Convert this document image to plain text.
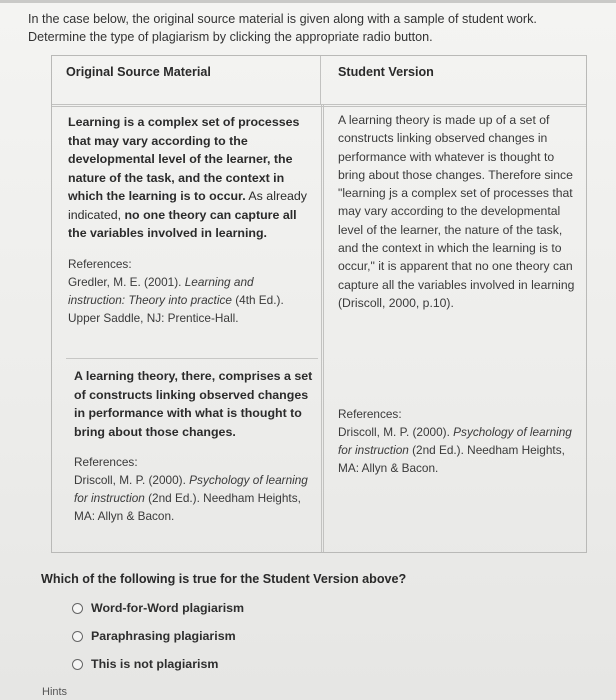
In the case below, the original source material is given along with a sample of student work.
Determine the type of plagiarism by clicking the appropriate radio button.
Original Source Material	Student Version
Learning is a complex set of processes that may vary according to the developmental level of the learner, the nature of the task, and the context in which the learning is to occur. As already indicated, no one theory can capture all the variables involved in learning.
References:
Gredler, M. E. (2001). Learning and instruction: Theory into practice (4th Ed.). Upper Saddle, NJ: Prentice-Hall.
A learning theory, there, comprises a set of constructs linking observed changes in performance with what is thought to bring about those changes.
References:
Driscoll, M. P. (2000). Psychology of learning for instruction (2nd Ed.). Needham Heights, MA: Allyn & Bacon.
A learning theory is made up of a set of constructs linking observed changes in performance with whatever is thought to bring about those changes. Therefore since "learning js a complex set of processes that may vary according to the developmental level of the learner, the nature of the task, and the context in which the learning is to occur," it is apparent that no one theory can capture all the variables involved in learning (Driscoll, 2000, p.10).
References:
Driscoll, M. P. (2000). Psychology of learning for instruction (2nd Ed.). Needham Heights, MA: Allyn & Bacon.
Which of the following is true for the Student Version above?
Word-for-Word plagiarism
Paraphrasing plagiarism
This is not plagiarism
Hints
